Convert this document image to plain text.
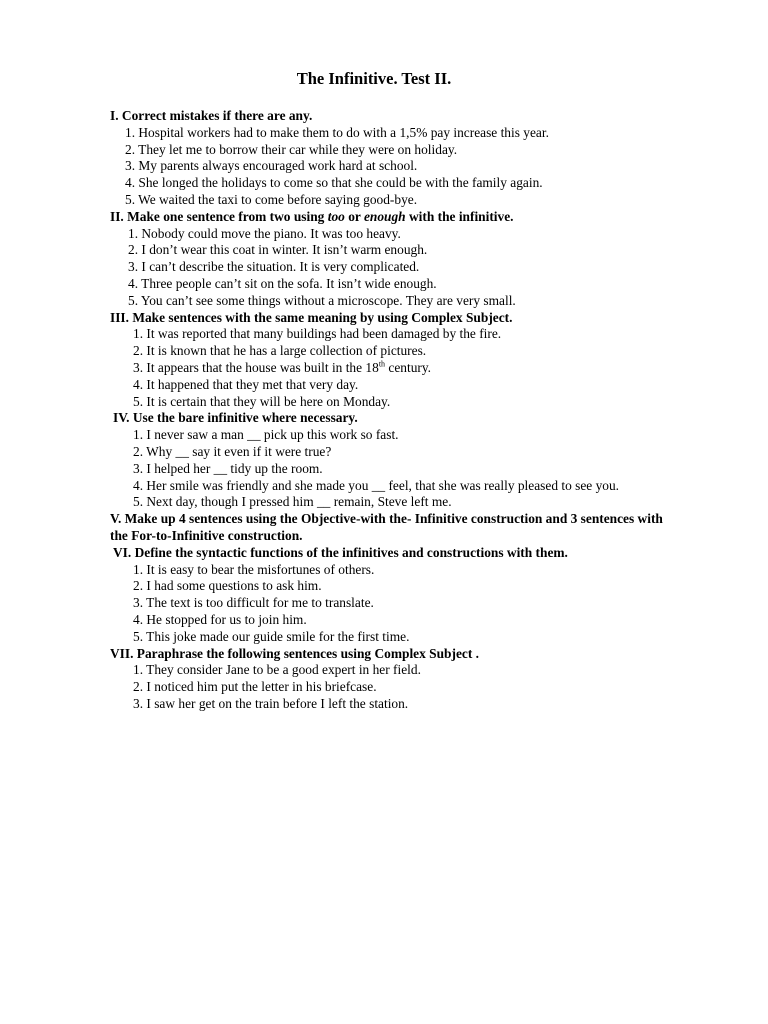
The Infinitive. Test II.

I. Correct mistakes if there are any.

1. Hospital workers had to make them to do with a 1,5% pay increase this year.
2. They let me to borrow their car while they were on holiday.
3. My parents always encouraged work hard at school.
4. She longed the holidays to come so that she could be with the family again.
5. We waited the taxi to come before saying good-bye.

II. Make one sentence from two using too or enough with the infinitive.

1. Nobody could move the piano. It was too heavy.
2. I don’t wear this coat in winter. It isn’t warm enough.
3. I can’t describe the situation. It is very complicated.
4. Three people can’t sit on the sofa. It isn’t wide enough.
5. You can’t see some things without a microscope. They are very small.

III. Make sentences with the same meaning by using Complex Subject.

1. It was reported that many buildings had been damaged by the fire.
2. It is known that he has a large collection of pictures.
3. It appears that the house was built in the 18th century.
4. It happened that they met that very day.
5. It is certain that they will be here on Monday.

IV. Use the bare infinitive where necessary.

1. I never saw a man __ pick up this work so fast.
2. Why __ say it even if it were true?
3. I helped her __ tidy up the room.
4. Her smile was friendly and she made you __ feel, that she was really pleased to see you.
5. Next day, though I pressed him __ remain, Steve left me.

V. Make up 4 sentences using the Objective-with the- Infinitive construction and 3 sentences with the For-to-Infinitive construction.

VI. Define the syntactic functions of the infinitives and constructions with them.

1. It is easy to bear the misfortunes of others.
2. I had some questions to ask him.
3. The text is too difficult for me to translate.
4. He stopped for us to join him.
5. This joke made our guide smile for the first time.

VII. Paraphrase the following sentences using Complex Subject .

1. They consider Jane to be a good expert in her field.
2. I noticed him put the letter in his briefcase.
3. I saw her get on the train before I left the station.
